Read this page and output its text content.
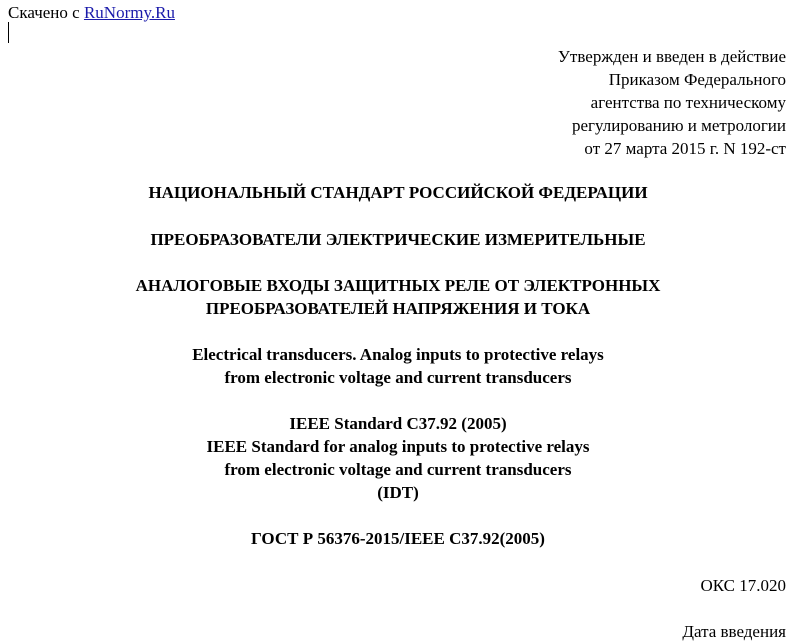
Скачено с RuNormy.Ru
Утвержден и введен в действие
Приказом Федерального
агентства по техническому
регулированию и метрологии
от 27 марта 2015 г. N 192-ст
НАЦИОНАЛЬНЫЙ СТАНДАРТ РОССИЙСКОЙ ФЕДЕРАЦИИ
ПРЕОБРАЗОВАТЕЛИ ЭЛЕКТРИЧЕСКИЕ ИЗМЕРИТЕЛЬНЫЕ
АНАЛОГОВЫЕ ВХОДЫ ЗАЩИТНЫХ РЕЛЕ ОТ ЭЛЕКТРОННЫХ
ПРЕОБРАЗОВАТЕЛЕЙ НАПРЯЖЕНИЯ И ТОКА
Electrical transducers. Analog inputs to protective relays
from electronic voltage and current transducers
IEEE Standard C37.92 (2005)
IEEE Standard for analog inputs to protective relays
from electronic voltage and current transducers
(IDT)
ГОСТ Р 56376-2015/IEEE C37.92(2005)
ОКС 17.020
Дата введения
